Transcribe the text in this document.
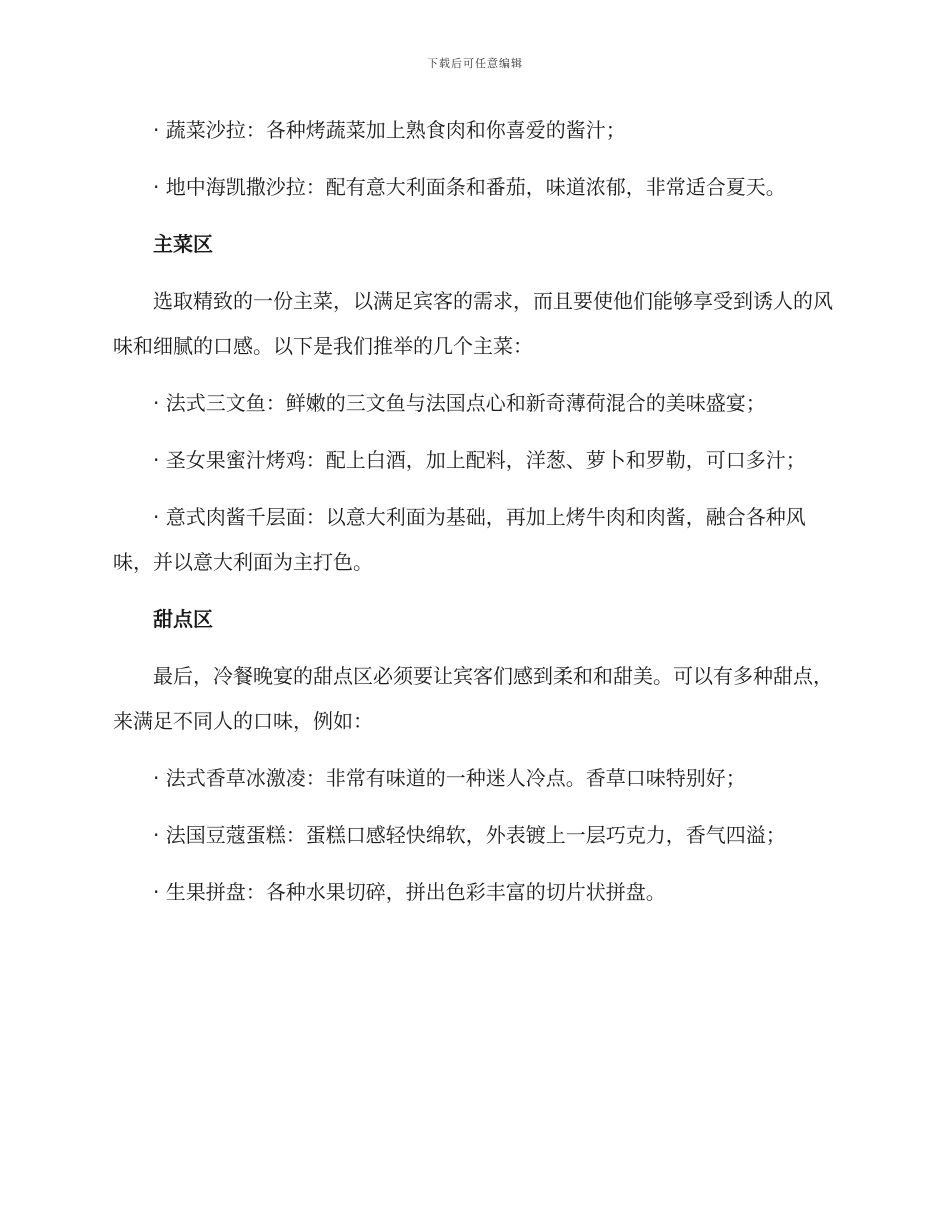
下载后可任意编辑

· 蔬菜沙拉：各种烤蔬菜加上熟食肉和你喜爱的酱汁；

· 地中海凯撒沙拉：配有意大利面条和番茄，味道浓郁，非常适合夏天。

主菜区

选取精致的一份主菜，以满足宾客的需求，而且要使他们能够享受到诱人的风味和细腻的口感。以下是我们推举的几个主菜：

· 法式三文鱼：鲜嫩的三文鱼与法国点心和新奇薄荷混合的美味盛宴；

· 圣女果蜜汁烤鸡：配上白酒，加上配料，洋葱、萝卜和罗勒，可口多汁；

· 意式肉酱千层面：以意大利面为基础，再加上烤牛肉和肉酱，融合各种风味，并以意大利面为主打色。

甜点区

最后，冷餐晚宴的甜点区必须要让宾客们感到柔和和甜美。可以有多种甜点，来满足不同人的口味，例如：

· 法式香草冰激凌：非常有味道的一种迷人冷点。香草口味特别好；

· 法国豆蔻蛋糕：蛋糕口感轻快绵软，外表镀上一层巧克力，香气四溢；

· 生果拼盘：各种水果切碎，拼出色彩丰富的切片状拼盘。
